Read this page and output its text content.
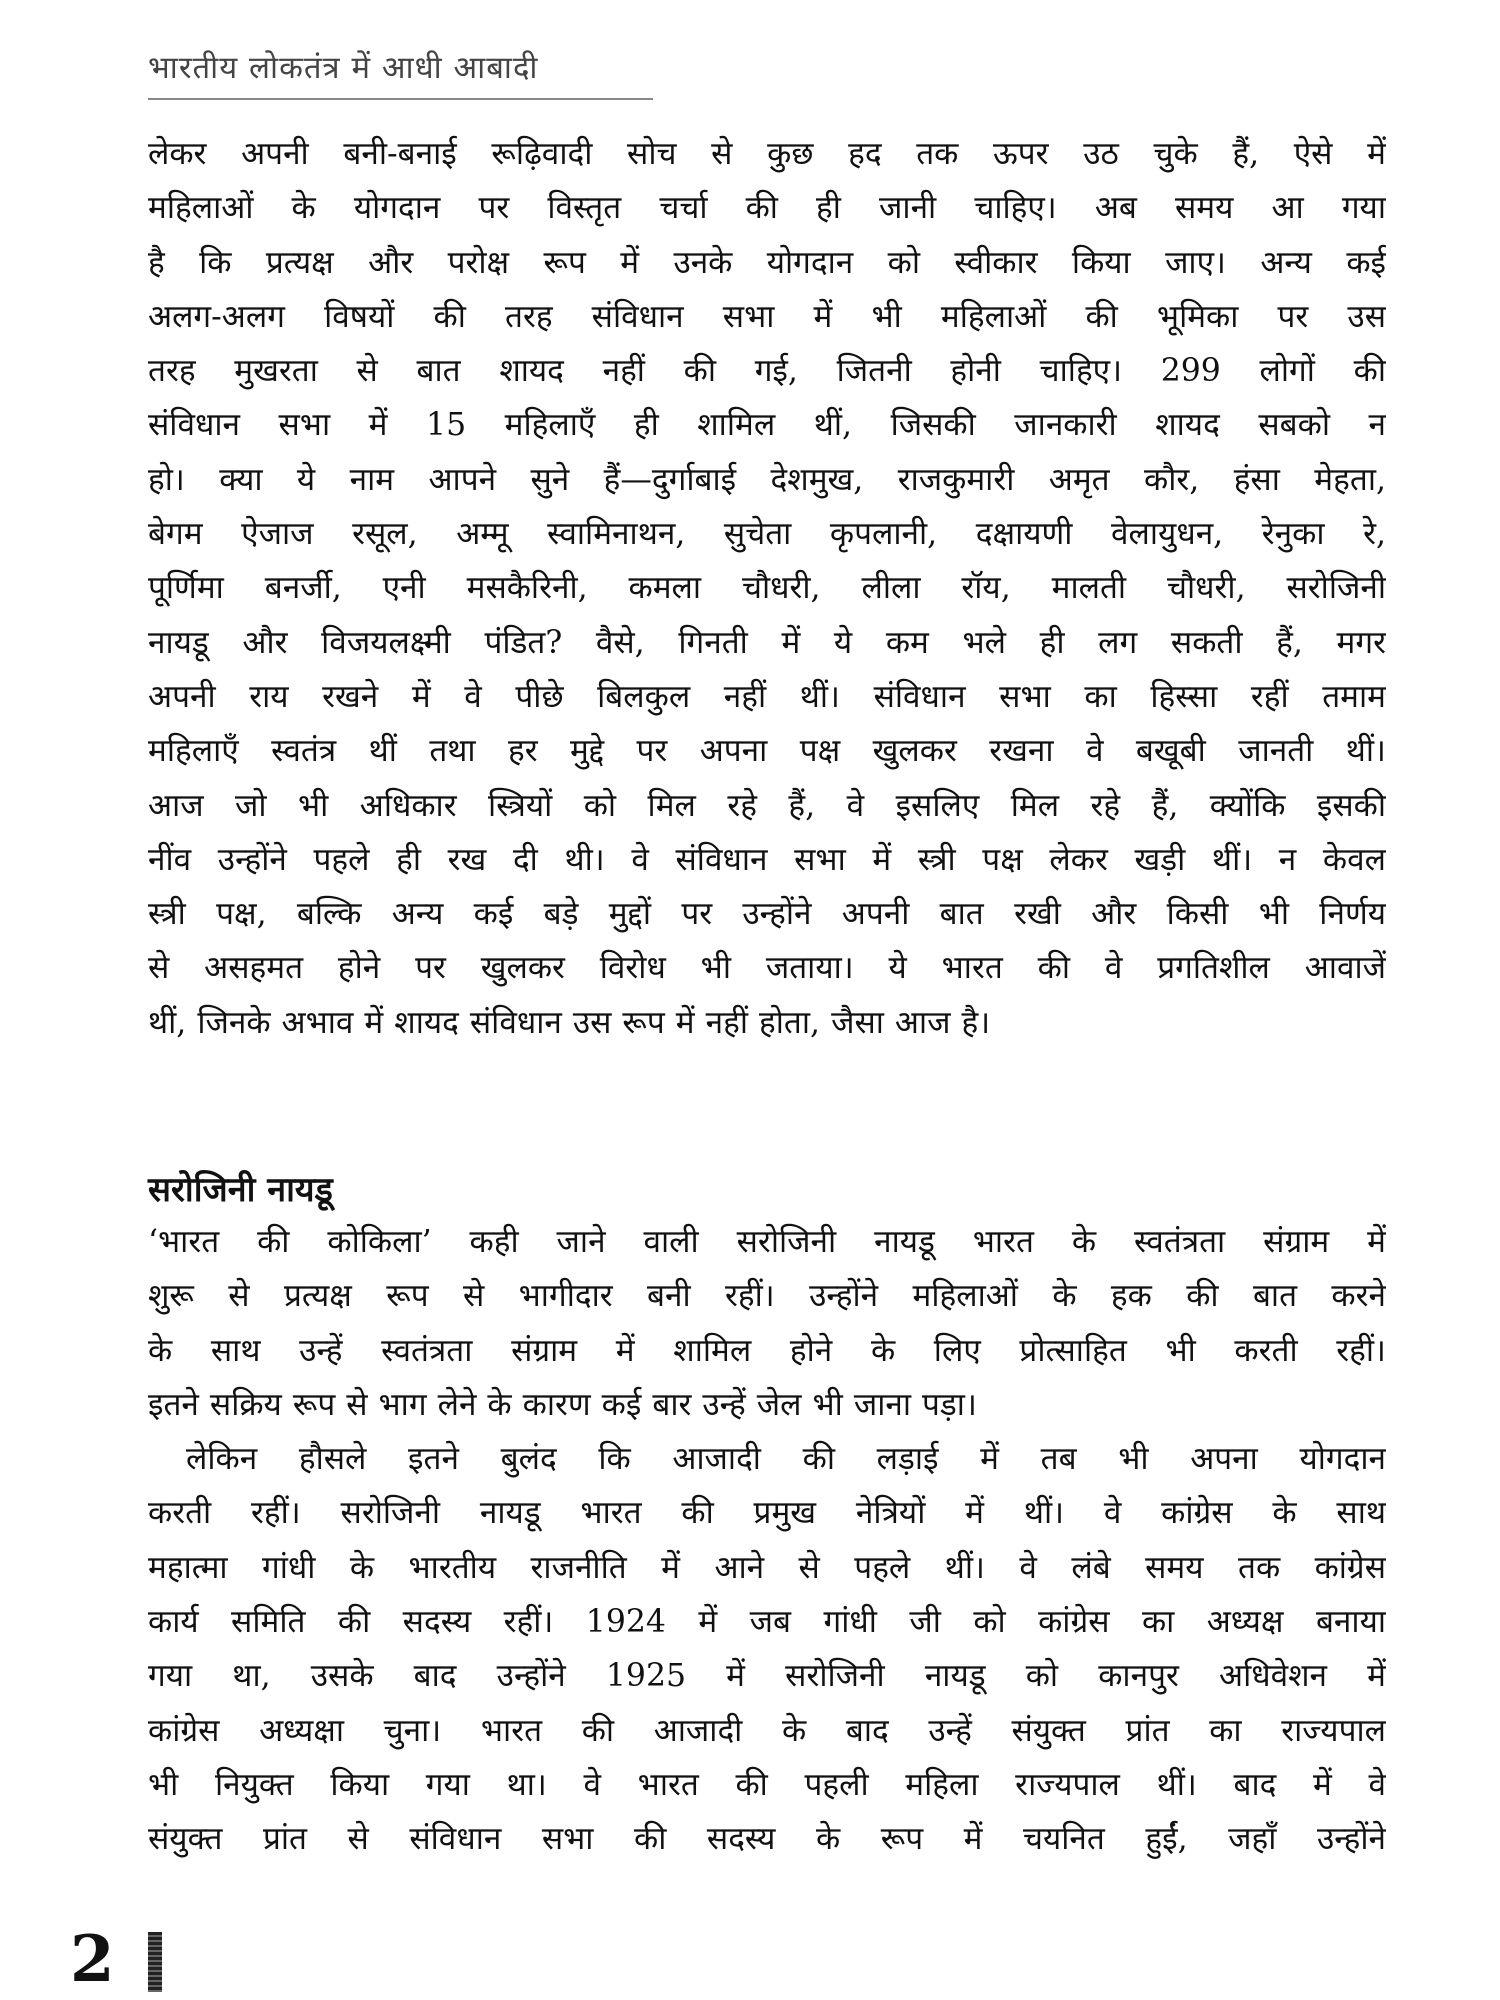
भारतीय लोकतंत्र में आधी आबादी
लेकर अपनी बनी-बनाई रूढ़िवादी सोच से कुछ हद तक ऊपर उठ चुके हैं, ऐसे में
महिलाओं के योगदान पर विस्तृत चर्चा की ही जानी चाहिए। अब समय आ गया
है कि प्रत्यक्ष और परोक्ष रूप में उनके योगदान को स्वीकार किया जाए। अन्य कई
अलग-अलग विषयों की तरह संविधान सभा में भी महिलाओं की भूमिका पर उस
तरह मुखरता से बात शायद नहीं की गई, जितनी होनी चाहिए। 299 लोगों की
संविधान सभा में 15 महिलाएँ ही शामिल थीं, जिसकी जानकारी शायद सबको न
हो। क्या ये नाम आपने सुने हैं—दुर्गाबाई देशमुख, राजकुमारी अमृत कौर, हंसा मेहता,
बेगम ऐजाज रसूल, अम्मू स्वामिनाथन, सुचेता कृपलानी, दक्षायणी वेलायुधन, रेनुका रे,
पूर्णिमा बनर्जी, एनी मसकैरिनी, कमला चौधरी, लीला रॉय, मालती चौधरी, सरोजिनी
नायडू और विजयलक्ष्मी पंडित? वैसे, गिनती में ये कम भले ही लग सकती हैं, मगर
अपनी राय रखने में वे पीछे बिलकुल नहीं थीं। संविधान सभा का हिस्सा रहीं तमाम
महिलाएँ स्वतंत्र थीं तथा हर मुद्दे पर अपना पक्ष खुलकर रखना वे बखूबी जानती थीं।
आज जो भी अधिकार स्त्रियों को मिल रहे हैं, वे इसलिए मिल रहे हैं, क्योंकि इसकी
नींव उन्होंने पहले ही रख दी थी। वे संविधान सभा में स्त्री पक्ष लेकर खड़ी थीं। न केवल
स्त्री पक्ष, बल्कि अन्य कई बड़े मुद्दों पर उन्होंने अपनी बात रखी और किसी भी निर्णय
से असहमत होने पर खुलकर विरोध भी जताया। ये भारत की वे प्रगतिशील आवाजें
थीं, जिनके अभाव में शायद संविधान उस रूप में नहीं होता, जैसा आज है।
सरोजिनी नायडू
‘भारत की कोकिला’ कही जाने वाली सरोजिनी नायडू भारत के स्वतंत्रता संग्राम में
शुरू से प्रत्यक्ष रूप से भागीदार बनी रहीं। उन्होंने महिलाओं के हक की बात करने
के साथ उन्हें स्वतंत्रता संग्राम में शामिल होने के लिए प्रोत्साहित भी करती रहीं।
इतने सक्रिय रूप से भाग लेने के कारण कई बार उन्हें जेल भी जाना पड़ा।
लेकिन हौसले इतने बुलंद कि आजादी की लड़ाई में तब भी अपना योगदान
करती रहीं। सरोजिनी नायडू भारत की प्रमुख नेत्रियों में थीं। वे कांग्रेस के साथ
महात्मा गांधी के भारतीय राजनीति में आने से पहले थीं। वे लंबे समय तक कांग्रेस
कार्य समिति की सदस्य रहीं। 1924 में जब गांधी जी को कांग्रेस का अध्यक्ष बनाया
गया था, उसके बाद उन्होंने 1925 में सरोजिनी नायडू को कानपुर अधिवेशन में
कांग्रेस अध्यक्षा चुना। भारत की आजादी के बाद उन्हें संयुक्त प्रांत का राज्यपाल
भी नियुक्त किया गया था। वे भारत की पहली महिला राज्यपाल थीं। बाद में वे
संयुक्त प्रांत से संविधान सभा की सदस्य के रूप में चयनित हुईं, जहाँ उन्होंने
2
